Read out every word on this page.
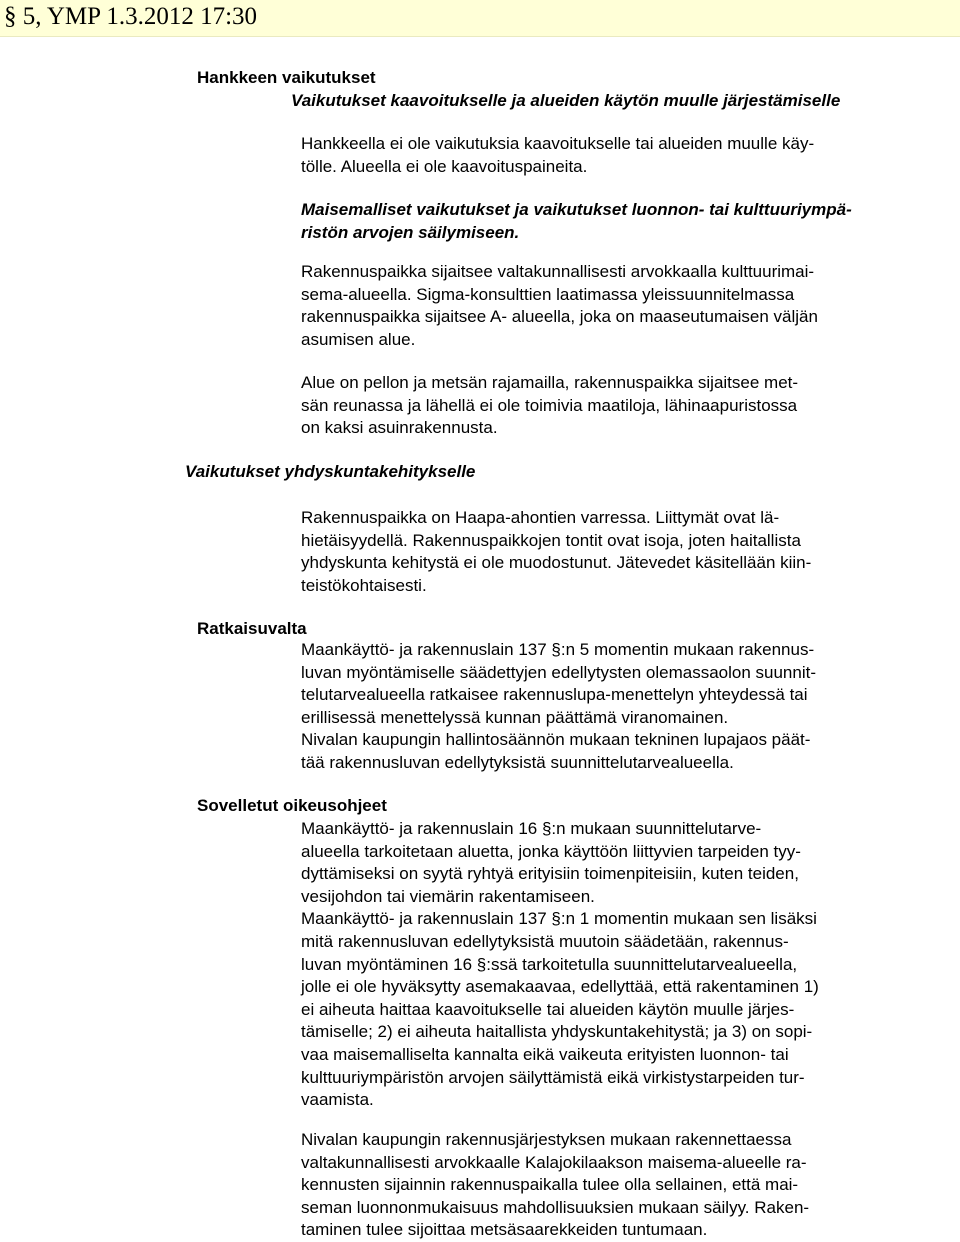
§ 5, YMP 1.3.2012 17:30
Hankkeen vaikutukset
Vaikutukset kaavoitukselle ja alueiden käytön muulle järjestämiselle
Hankkeella ei ole vaikutuksia kaavoitukselle tai alueiden muulle käy-
tölle. Alueella ei ole kaavoituspaineita.
Maisemalliset vaikutukset ja vaikutukset luonnon- tai kulttuuriympä-
ristön arvojen säilymiseen.
Rakennuspaikka sijaitsee valtakunnallisesti arvokkaalla kulttuurimai-
sema-alueella. Sigma-konsulttien laatimassa yleissuunnitelmassa
rakennuspaikka sijaitsee A- alueella, joka on maaseutumaisen väljän
asumisen alue.
Alue on pellon ja metsän rajamailla, rakennuspaikka sijaitsee met-
sän reunassa ja lähellä ei ole toimivia maatiloja, lähinaapuristossa
on kaksi asuinrakennusta.
Vaikutukset yhdyskuntakehitykselle
Rakennuspaikka on Haapa-ahontien varressa. Liittymät ovat lä-
hietäisyydellä. Rakennuspaikkojen tontit ovat isoja, joten haitallista
yhdyskunta kehitystä ei ole muodostunut. Jätevedet käsitellään kiin-
teistökohtaisesti.
Ratkaisuvalta
Maankäyttö- ja rakennuslain 137 §:n 5 momentin mukaan rakennus-
luvan myöntämiselle säädettyjen edellytysten olemassaolon suunnit-
telutarvealueella ratkaisee rakennuslupa-menettelyn yhteydessä tai
erillisessä menettelyssä kunnan päättämä viranomainen.
Nivalan kaupungin hallintosäännön mukaan tekninen lupajaos päät-
tää rakennusluvan edellytyksistä suunnittelutarvealueella.
Sovelletut oikeusohjeet
Maankäyttö- ja rakennuslain 16 §:n mukaan suunnittelutarve-
alueella tarkoitetaan aluetta, jonka käyttöön liittyvien tarpeiden tyy-
dyttämiseksi on syytä ryhtyä erityisiin toimenpiteisiin, kuten teiden,
vesijohdon tai viemärin rakentamiseen.
Maankäyttö- ja rakennuslain 137 §:n 1 momentin mukaan sen lisäksi
mitä rakennusluvan edellytyksistä muutoin säädetään, rakennus-
luvan myöntäminen 16 §:ssä tarkoitetulla suunnittelutarvealueella,
jolle ei ole hyväksytty asemakaavaa, edellyttää, että rakentaminen 1)
ei aiheuta haittaa kaavoitukselle tai alueiden käytön muulle järjes-
tämiselle; 2) ei aiheuta haitallista yhdyskuntakehitystä; ja 3) on sopi-
vaa maisemalliselta kannalta eikä vaikeuta erityisten luonnon- tai
kulttuuriympäristön arvojen säilyttämistä eikä virkistystarpeiden tur-
vaamista.
Nivalan kaupungin rakennusjärjestyksen mukaan rakennettaessa
valtakunnallisesti arvokkaalle Kalajokilaakson maisema-alueelle ra-
kennusten sijainnin rakennuspaikalla tulee olla sellainen, että mai-
seman luonnonmukaisuus mahdollisuuksien mukaan säilyy. Raken-
taminen tulee sijoittaa metsäsaarekkeiden tuntumaan.
